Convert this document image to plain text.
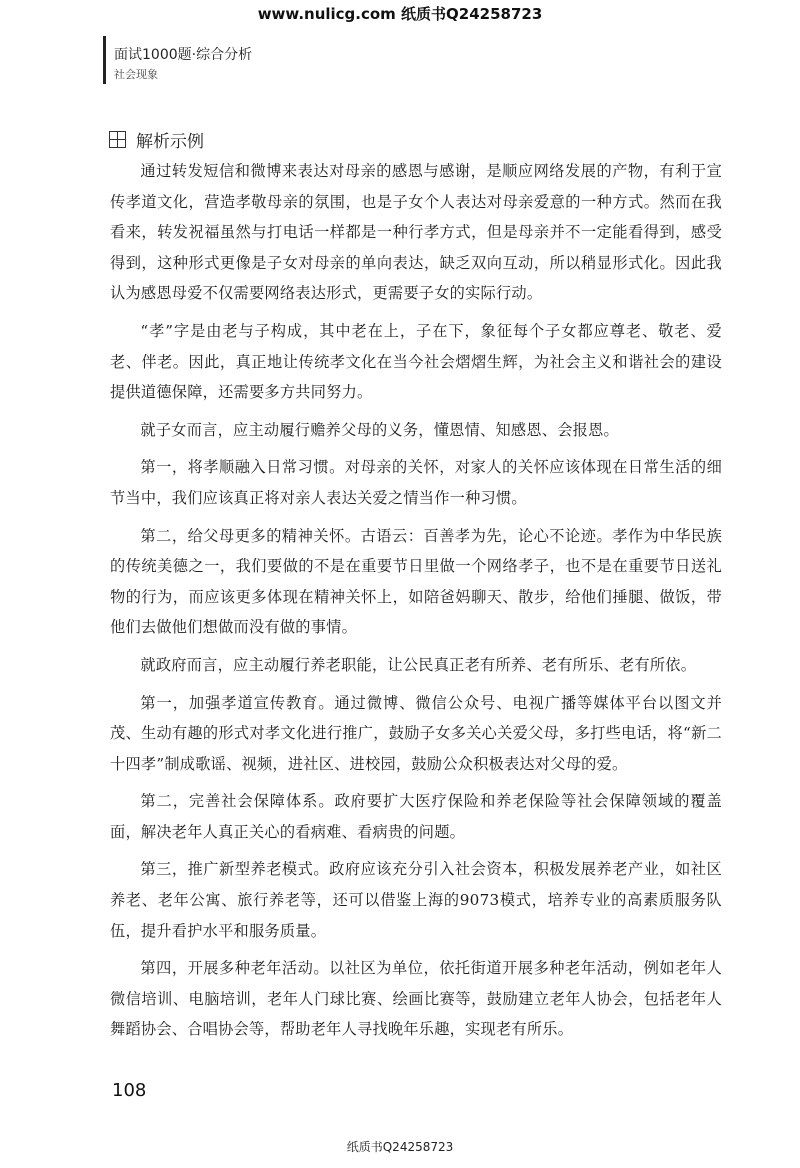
www.nulicg.com 纸质书Q24258723
面试1000题·综合分析
社会现象
解析示例

通过转发短信和微博来表达对母亲的感恩与感谢，是顺应网络发展的产物，有利于宣传孝道文化，营造孝敬母亲的氛围，也是子女个人表达对母亲爱意的一种方式。然而在我看来，转发祝福虽然与打电话一样都是一种行孝方式，但是母亲并不一定能看得到，感受得到，这种形式更像是子女对母亲的单向表达，缺乏双向互动，所以稍显形式化。因此我认为感恩母爱不仅需要网络表达形式，更需要子女的实际行动。

“孝”字是由老与子构成，其中老在上，子在下，象征每个子女都应尊老、敬老、爱老、伴老。因此，真正地让传统孝文化在当今社会熠熠生辉，为社会主义和谐社会的建设提供道德保障，还需要多方共同努力。

就子女而言，应主动履行赡养父母的义务，懂恩情、知感恩、会报恩。

第一，将孝顺融入日常习惯。对母亲的关怀，对家人的关怀应该体现在日常生活的细节当中，我们应该真正将对亲人表达关爱之情当作一种习惯。

第二，给父母更多的精神关怀。古语云：百善孝为先，论心不论迹。孝作为中华民族的传统美德之一，我们要做的不是在重要节日里做一个网络孝子，也不是在重要节日送礼物的行为，而应该更多体现在精神关怀上，如陪爸妈聊天、散步，给他们捶腿、做饭，带他们去做他们想做而没有做的事情。

就政府而言，应主动履行养老职能，让公民真正老有所养、老有所乐、老有所依。

第一，加强孝道宣传教育。通过微博、微信公众号、电视广播等媒体平台以图文并茂、生动有趣的形式对孝文化进行推广，鼓励子女多关心关爱父母，多打些电话，将“新二十四孝”制成歌谣、视频，进社区、进校园，鼓励公众积极表达对父母的爱。

第二，完善社会保障体系。政府要扩大医疗保险和养老保险等社会保障领域的覆盖面，解决老年人真正关心的看病难、看病贵的问题。

第三，推广新型养老模式。政府应该充分引入社会资本，积极发展养老产业，如社区养老、老年公寓、旅行养老等，还可以借鉴上海的9073模式，培养专业的高素质服务队伍，提升看护水平和服务质量。

第四，开展多种老年活动。以社区为单位，依托街道开展多种老年活动，例如老年人微信培训、电脑培训，老年人门球比赛、绘画比赛等，鼓励建立老年人协会，包括老年人舞蹈协会、合唱协会等，帮助老年人寻找晚年乐趣，实现老有所乐。

108
纸质书Q24258723
